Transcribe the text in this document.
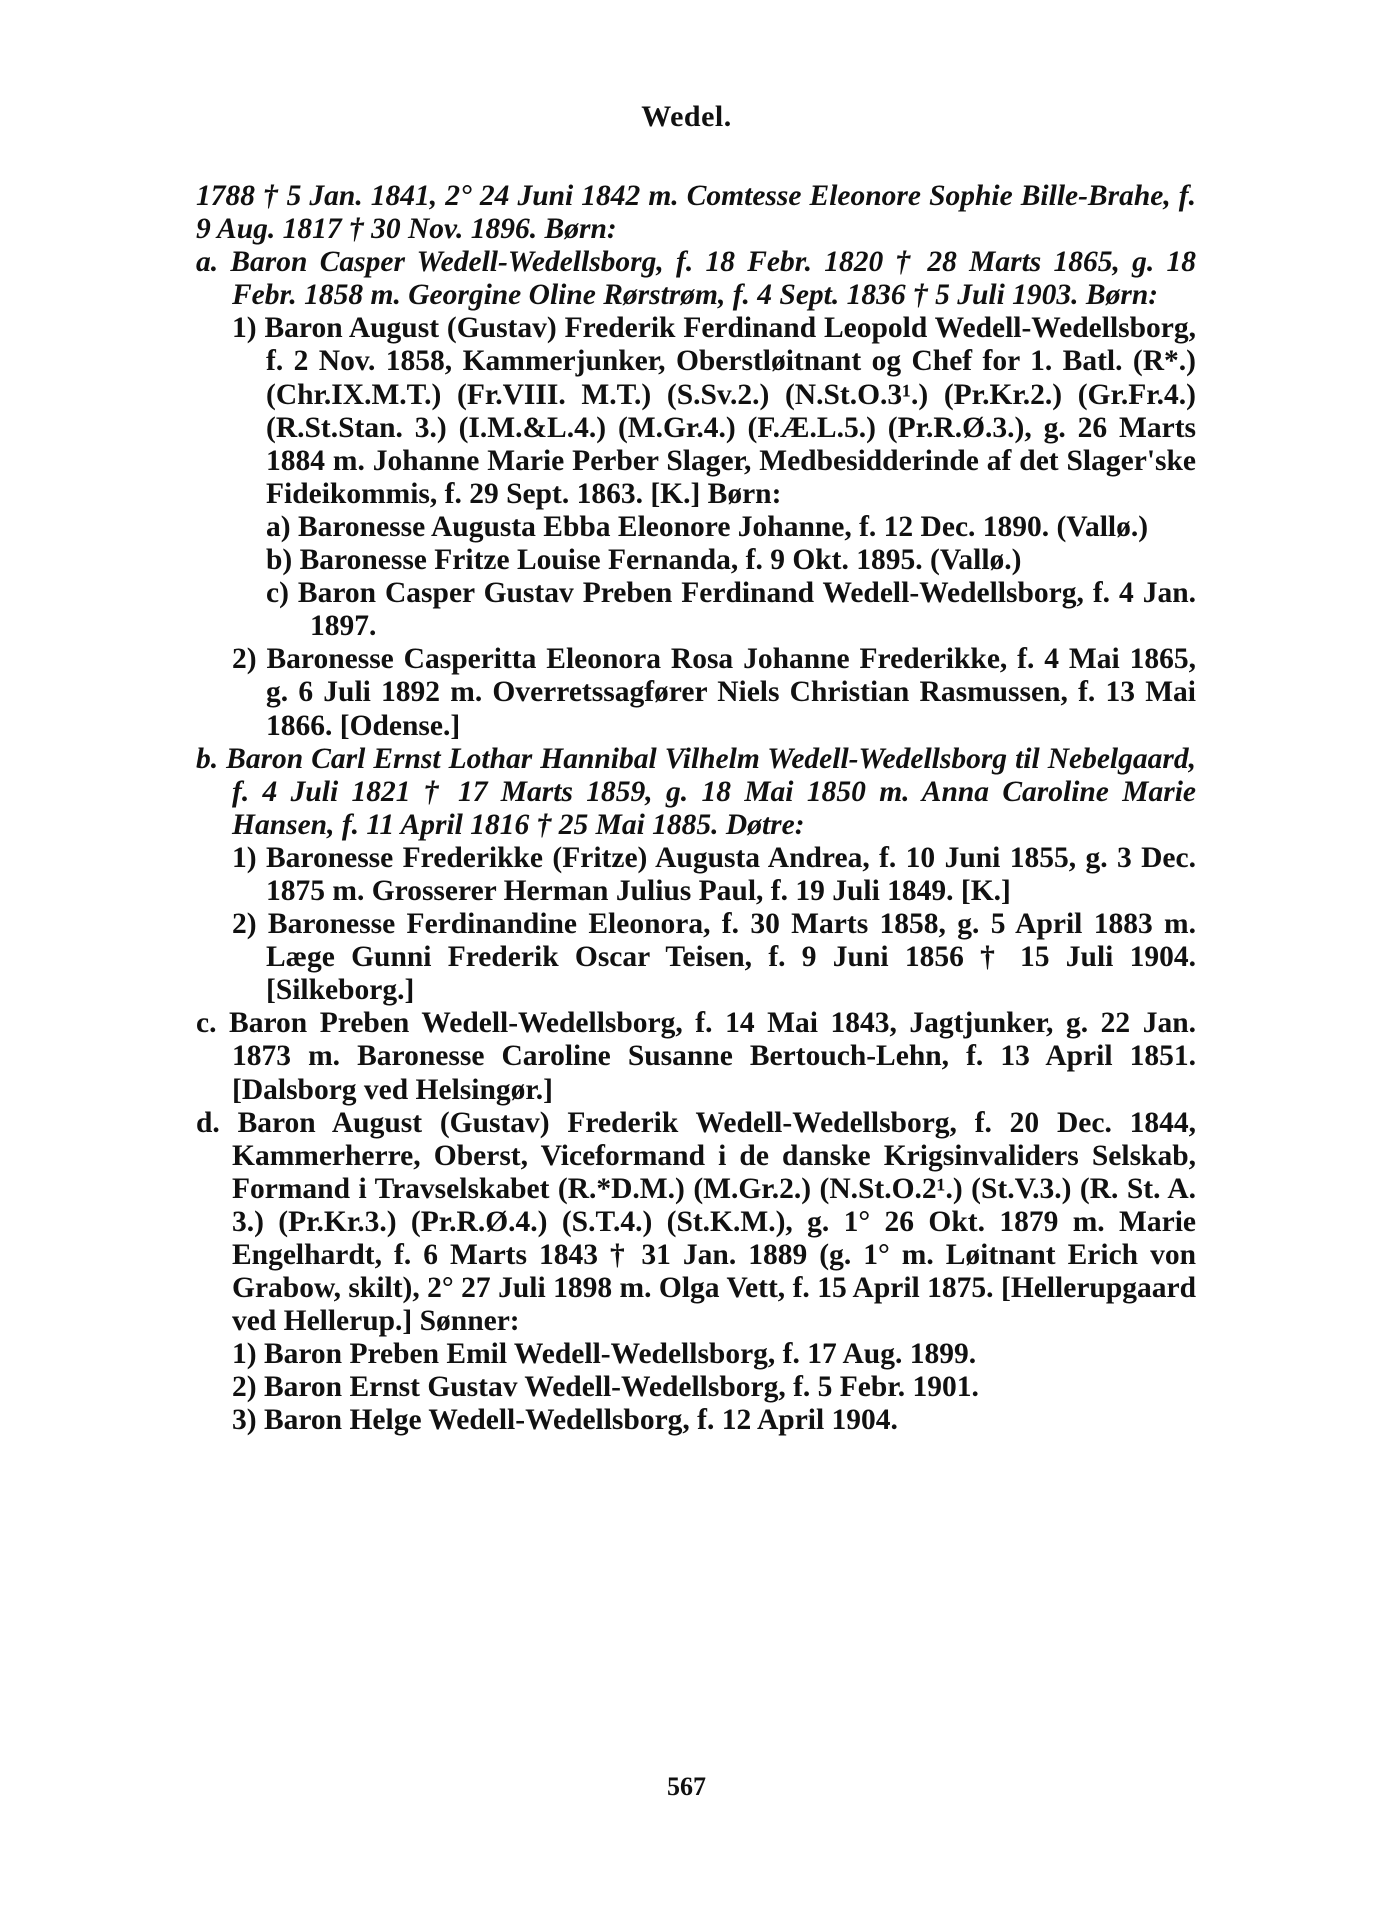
Wedel.

1788 † 5 Jan. 1841, 2° 24 Juni 1842 m. Comtesse Eleonore Sophie Bille-Brahe, f. 9 Aug. 1817 † 30 Nov. 1896. Børn:

a. Baron Casper Wedell-Wedellsborg, f. 18 Febr. 1820 † 28 Marts 1865, g. 18 Febr. 1858 m. Georgine Oline Rørstrøm, f. 4 Sept. 1836 † 5 Juli 1903. Børn:

1) Baron August (Gustav) Frederik Ferdinand Leopold Wedell-Wedellsborg, f. 2 Nov. 1858, Kammerjunker, Oberstløitnant og Chef for 1. Batl. (R*.) (Chr.IX.M.T.) (Fr.VIII. M.T.) (S.Sv.2.) (N.St.O.3¹.) (Pr.Kr.2.) (Gr.Fr.4.) (R.St.Stan. 3.) (I.M.&L.4.) (M.Gr.4.) (F.Æ.L.5.) (Pr.R.Ø.3.), g. 26 Marts 1884 m. Johanne Marie Perber Slager, Medbesidderinde af det Slager'ske Fideikommis, f. 29 Sept. 1863. [K.] Børn:

a) Baronesse Augusta Ebba Eleonore Johanne, f. 12 Dec. 1890. (Vallø.)

b) Baronesse Fritze Louise Fernanda, f. 9 Okt. 1895. (Vallø.)

c) Baron Casper Gustav Preben Ferdinand Wedell-Wedellsborg, f. 4 Jan. 1897.

2) Baronesse Casperitta Eleonora Rosa Johanne Frederikke, f. 4 Mai 1865, g. 6 Juli 1892 m. Overretssagfører Niels Christian Rasmussen, f. 13 Mai 1866. [Odense.]

b. Baron Carl Ernst Lothar Hannibal Vilhelm Wedell-Wedellsborg til Nebelgaard, f. 4 Juli 1821 † 17 Marts 1859, g. 18 Mai 1850 m. Anna Caroline Marie Hansen, f. 11 April 1816 † 25 Mai 1885. Døtre:

1) Baronesse Frederikke (Fritze) Augusta Andrea, f. 10 Juni 1855, g. 3 Dec. 1875 m. Grosserer Herman Julius Paul, f. 19 Juli 1849. [K.]

2) Baronesse Ferdinandine Eleonora, f. 30 Marts 1858, g. 5 April 1883 m. Læge Gunni Frederik Oscar Teisen, f. 9 Juni 1856 † 15 Juli 1904. [Silkeborg.]

c. Baron Preben Wedell-Wedellsborg, f. 14 Mai 1843, Jagtjunker, g. 22 Jan. 1873 m. Baronesse Caroline Susanne Bertouch-Lehn, f. 13 April 1851. [Dalsborg ved Helsingør.]

d. Baron August (Gustav) Frederik Wedell-Wedellsborg, f. 20 Dec. 1844, Kammerherre, Oberst, Viceformand i de danske Krigsinvaliders Selskab, Formand i Travselskabet (R.*D.M.) (M.Gr.2.) (N.St.O.2¹.) (St.V.3.) (R. St. A. 3.) (Pr.Kr.3.) (Pr.R.Ø.4.) (S.T.4.) (St.K.M.), g. 1° 26 Okt. 1879 m. Marie Engelhardt, f. 6 Marts 1843 † 31 Jan. 1889 (g. 1° m. Løitnant Erich von Grabow, skilt), 2° 27 Juli 1898 m. Olga Vett, f. 15 April 1875. [Hellerupgaard ved Hellerup.] Sønner:

1) Baron Preben Emil Wedell-Wedellsborg, f. 17 Aug. 1899.

2) Baron Ernst Gustav Wedell-Wedellsborg, f. 5 Febr. 1901.

3) Baron Helge Wedell-Wedellsborg, f. 12 April 1904.

567
